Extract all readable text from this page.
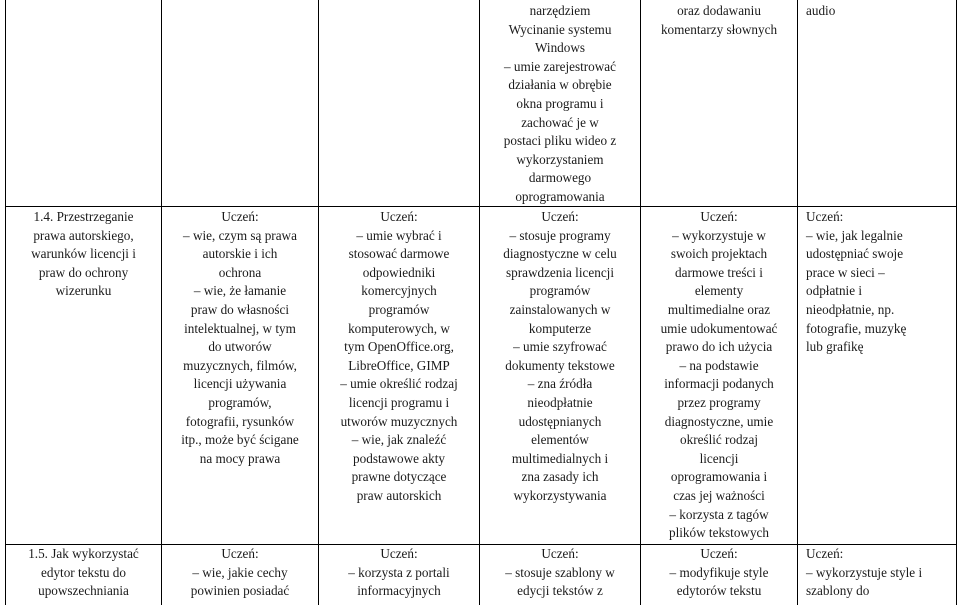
narzędziem
Wycinanie systemu
Windows
– umie zarejestrować
działania w obrębie
okna programu i
zachować je w
postaci pliku wideo z
wykorzystaniem
darmowego
oprogramowania
oraz dodawaniu
komentarzy słownych
audio
1.4. Przestrzeganie
prawa autorskiego,
warunków licencji i
praw do ochrony
wizerunku
Uczeń:
– wie, czym są prawa
autorskie i ich
ochrona
– wie, że łamanie
praw do własności
intelektualnej, w tym
do utworów
muzycznych, filmów,
licencji używania
programów,
fotografii, rysunków
itp., może być ścigane
na mocy prawa
Uczeń:
– umie wybrać i
stosować darmowe
odpowiedniki
komercyjnych
programów
komputerowych, w
tym OpenOffice.org,
LibreOffice, GIMP
– umie określić rodzaj
licencji programu i
utworów muzycznych
– wie, jak znaleźć
podstawowe akty
prawne dotyczące
praw autorskich
Uczeń:
– stosuje programy
diagnostyczne w celu
sprawdzenia licencji
programów
zainstalowanych w
komputerze
– umie szyfrować
dokumenty tekstowe
– zna źródła
nieodpłatnie
udostępnianych
elementów
multimedialnych i
zna zasady ich
wykorzystywania
Uczeń:
– wykorzystuje w
swoich projektach
darmowe treści i
elementy
multimedialne oraz
umie udokumentować
prawo do ich użycia
– na podstawie
informacji podanych
przez programy
diagnostyczne, umie
określić rodzaj
licencji
oprogramowania i
czas jej ważności
– korzysta z tagów
plików tekstowych
Uczeń:
– wie, jak legalnie
udostępniać swoje
prace w sieci –
odpłatnie i
nieodpłatnie, np.
fotografie, muzykę
lub grafikę
1.5. Jak wykorzystać
edytor tekstu do
upowszechniania
Uczeń:
– wie, jakie cechy
powinien posiadać
Uczeń:
– korzysta z portali
informacyjnych
Uczeń:
– stosuje szablony w
edycji tekstów z
Uczeń:
– modyfikuje style
edytorów tekstu
Uczeń:
– wykorzystuje style i
szablony do
